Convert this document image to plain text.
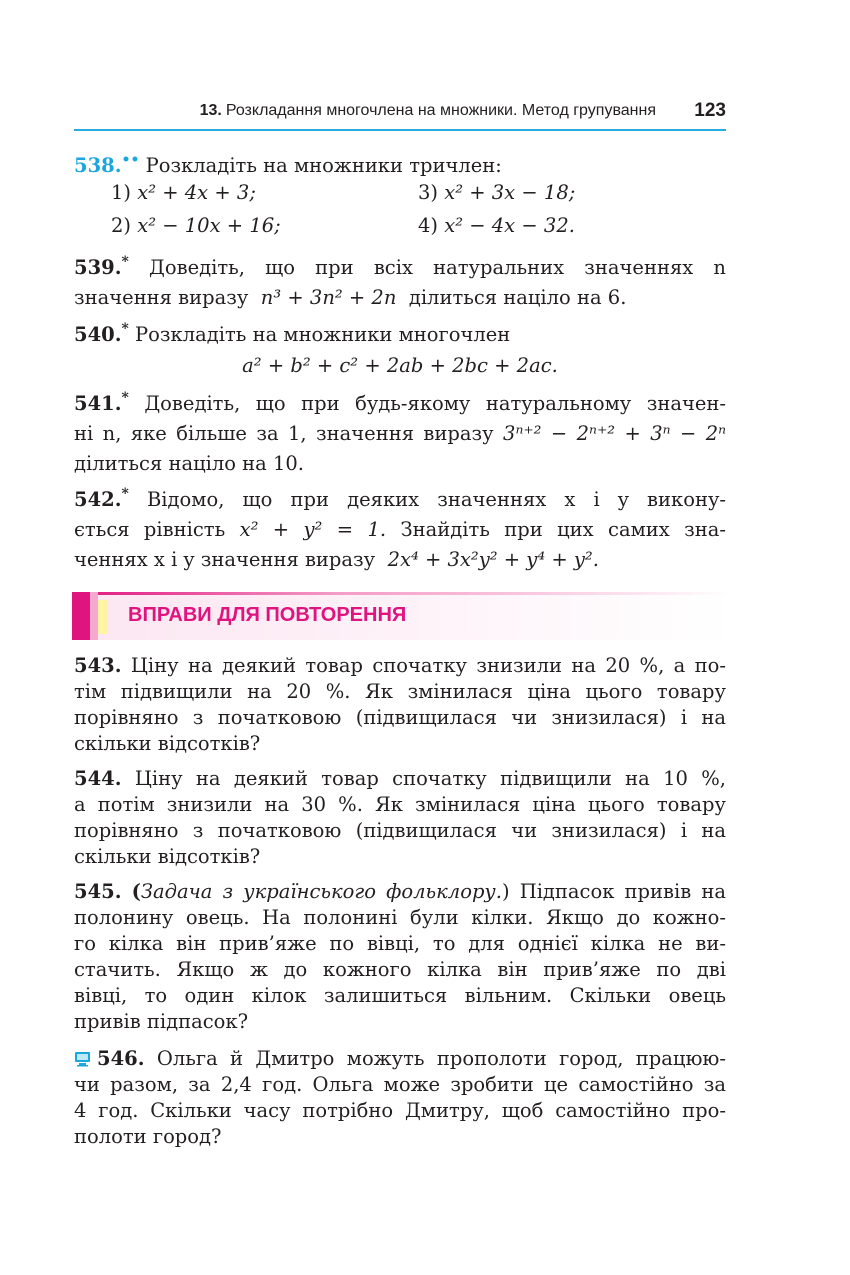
13. Розкладання многочлена на множники. Метод групування 123
538.•• Розкладіть на множники тричлен:
1) x² + 4x + 3;	3) x² + 3x − 18;
2) x² − 10x + 16;	4) x² − 4x − 32.
539.* Доведіть, що при всіх натуральних значеннях n
значення виразу n³ + 3n² + 2n ділиться націло на 6.
540.* Розкладіть на множники многочлен
a² + b² + c² + 2ab + 2bc + 2ac.
541.* Доведіть, що при будь-якому натуральному значен-
ні n, яке більше за 1, значення виразу 3ⁿ⁺² − 2ⁿ⁺² + 3ⁿ − 2ⁿ
ділиться націло на 10.
542.* Відомо, що при деяких значеннях x і y викону-
ється рівність x² + y² = 1. Знайдіть при цих самих зна-
ченнях x і y значення виразу 2x⁴ + 3x²y² + y⁴ + y².
ВПРАВИ ДЛЯ ПОВТОРЕННЯ
543. Ціну на деякий товар спочатку знизили на 20 %, а по-
тім підвищили на 20 %. Як змінилася ціна цього товару
порівняно з початковою (підвищилася чи знизилася) і на
скільки відсотків?
544. Ціну на деякий товар спочатку підвищили на 10 %,
а потім знизили на 30 %. Як змінилася ціна цього товару
порівняно з початковою (підвищилася чи знизилася) і на
скільки відсотків?
545. (Задача з українського фольклору.) Підпасок привів на
полонину овець. На полонині були кілки. Якщо до кожно-
го кілка він прив’яже по вівці, то для однієї кілка не ви-
стачить. Якщо ж до кожного кілка він прив’яже по дві
вівці, то один кілок залишиться вільним. Скільки овець
привів підпасок?
546. Ольга й Дмитро можуть прополоти город, працюю-
чи разом, за 2,4 год. Ольга може зробити це самостійно за
4 год. Скільки часу потрібно Дмитру, щоб самостійно про-
полоти город?
